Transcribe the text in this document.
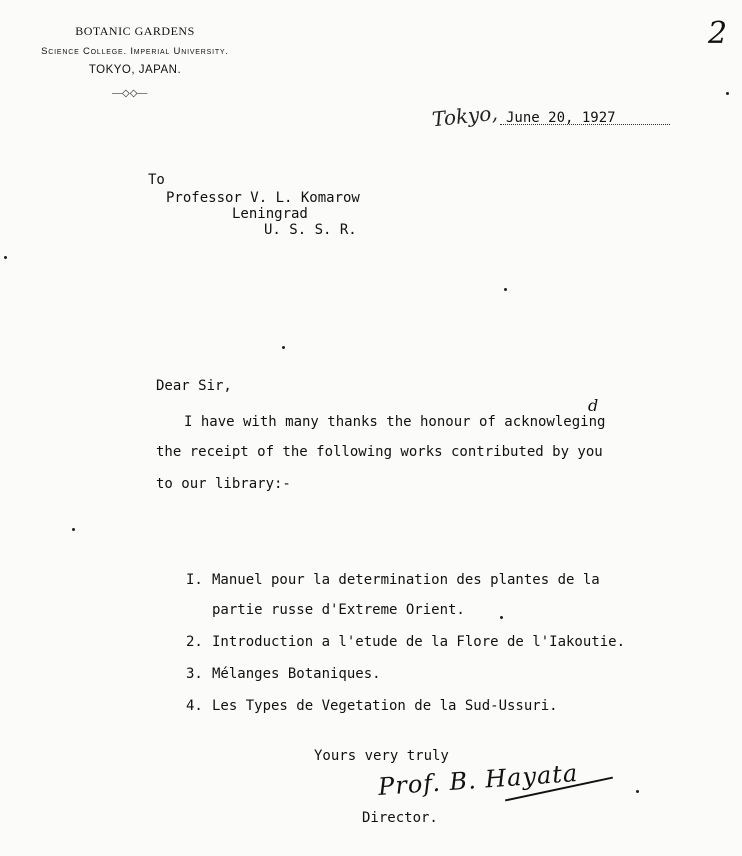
BOTANIC GARDENS
Science College. Imperial University.
TOKYO, JAPAN.
—◇◇—
2
Tokyo, June 20, 1927
To
Professor V. L. Komarow
Leningrad
U. S. S. R.
Dear Sir,
d
I have with many thanks the honour of acknowleging
the receipt of the following works contributed by you
to our library:-
I. Manuel pour la determination des plantes de la
partie russe d'Extreme Orient.
2. Introduction a l'etude de la Flore de l'Iakoutie.
3. Mélanges Botaniques.
4. Les Types de Vegetation de la Sud-Ussuri.
Yours very truly
Prof. B. Hayata
Director.
